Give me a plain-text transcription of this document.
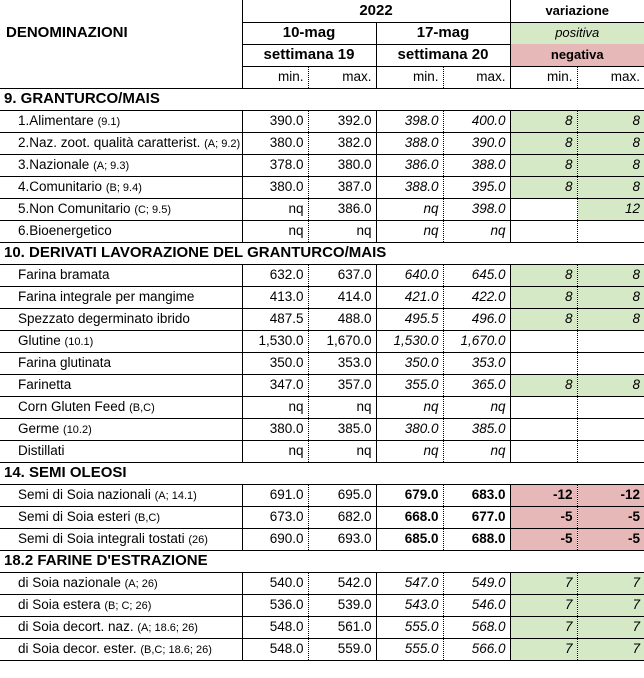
DENOMINAZIONI	2022				variazione	
	10-mag		17-mag		positiva	
	settimana 19		settimana 20		negativa	
	min.	max.	min.	max.	min.	max.
9. GRANTURCO/MAIS						
1.Alimentare (9.1)	390.0	392.0	398.0	400.0	8	8
2.Naz. zoot. qualità caratterist. (A; 9.2)	380.0	382.0	388.0	390.0	8	8
3.Nazionale (A; 9.3)	378.0	380.0	386.0	388.0	8	8
4.Comunitario (B; 9.4)	380.0	387.0	388.0	395.0	8	8
5.Non Comunitario (C; 9.5)	nq	386.0	nq	398.0		12
6.Bioenergetico	nq	nq	nq	nq		
10. DERIVATI LAVORAZIONE DEL GRANTURCO/MAIS						
Farina bramata	632.0	637.0	640.0	645.0	8	8
Farina integrale per mangime	413.0	414.0	421.0	422.0	8	8
Spezzato degerminato ibrido	487.5	488.0	495.5	496.0	8	8
Glutine (10.1)	1,530.0	1,670.0	1,530.0	1,670.0		
Farina glutinata	350.0	353.0	350.0	353.0		
Farinetta	347.0	357.0	355.0	365.0	8	8
Corn Gluten Feed (B,C)	nq	nq	nq	nq		
Germe (10.2)	380.0	385.0	380.0	385.0		
Distillati	nq	nq	nq	nq		
14. SEMI OLEOSI						
Semi di Soia nazionali (A; 14.1)	691.0	695.0	679.0	683.0	-12	-12
Semi di Soia esteri (B,C)	673.0	682.0	668.0	677.0	-5	-5
Semi di Soia integrali tostati (26)	690.0	693.0	685.0	688.0	-5	-5
18.2 FARINE D'ESTRAZIONE						
di Soia nazionale (A; 26)	540.0	542.0	547.0	549.0	7	7
di Soia estera (B; C; 26)	536.0	539.0	543.0	546.0	7	7
di Soia decort. naz. (A; 18.6; 26)	548.0	561.0	555.0	568.0	7	7
di Soia decor. ester. (B,C; 18.6; 26)	548.0	559.0	555.0	566.0	7	7
